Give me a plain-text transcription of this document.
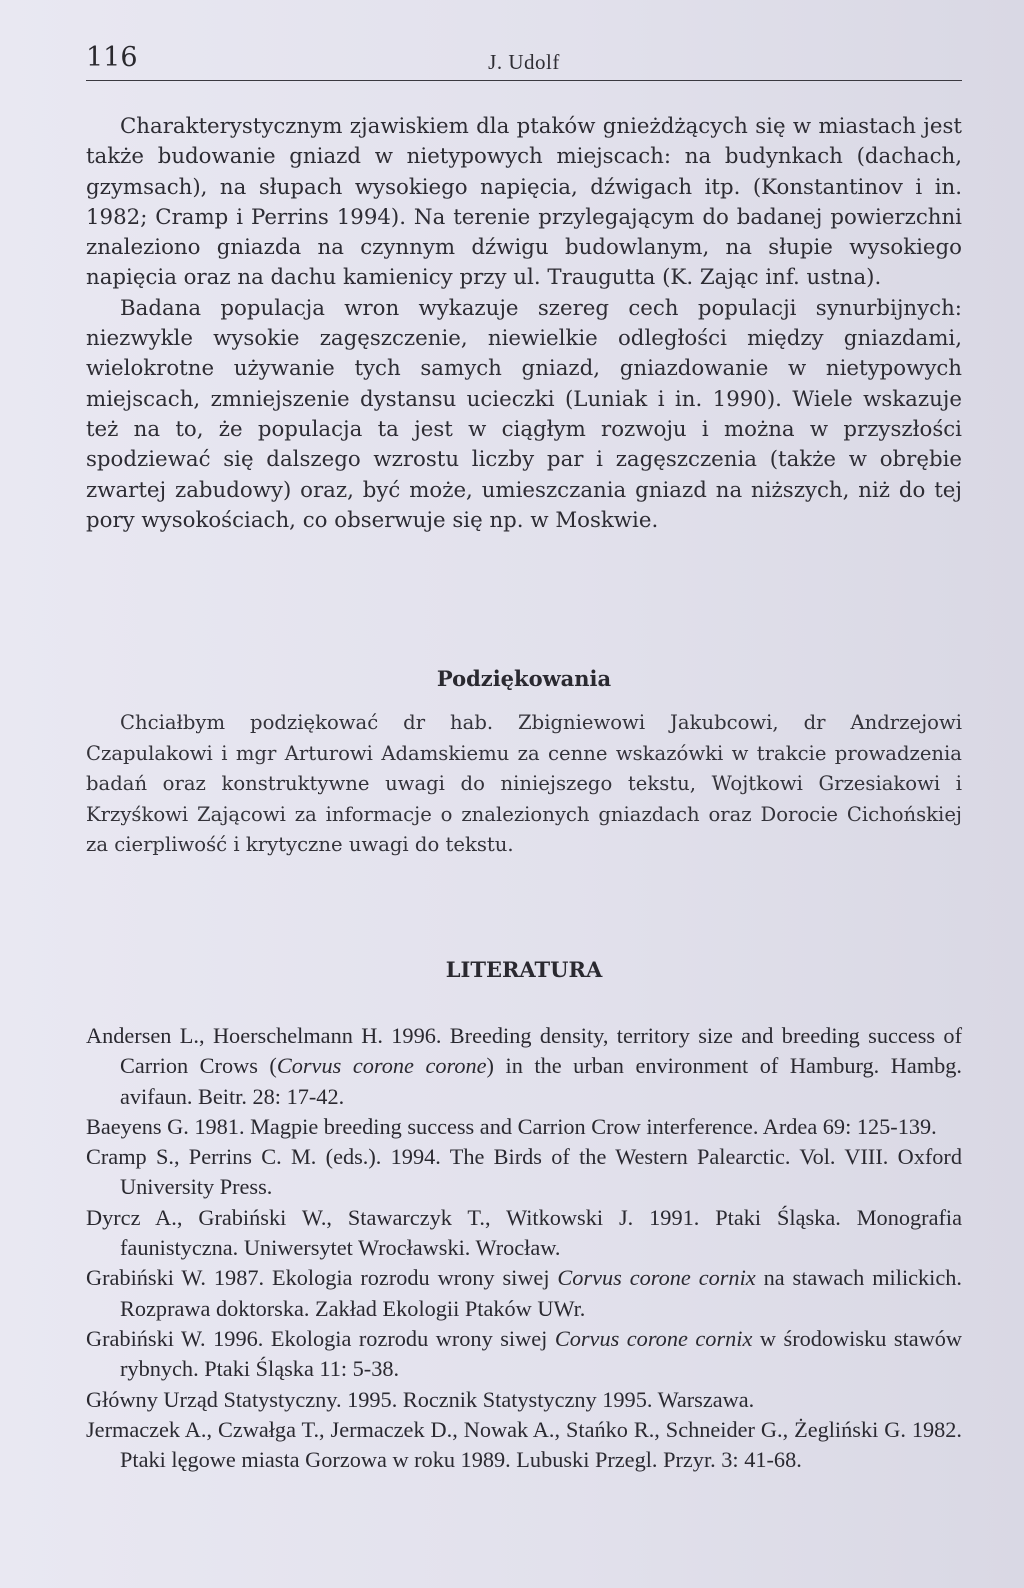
116	J. Udolf

Charakterystycznym zjawiskiem dla ptaków gnieżdżących się w miastach jest także budowanie gniazd w nietypowych miejscach: na budynkach (dachach, gzymsach), na słupach wysokiego napięcia, dźwigach itp. (Konstantinov i in. 1982; Cramp i Perrins 1994). Na terenie przylegającym do badanej powierzchni znaleziono gniazda na czynnym dźwigu budowlanym, na słupie wysokiego napięcia oraz na dachu kamienicy przy ul. Traugutta (K. Zając inf. ustna).

Badana populacja wron wykazuje szereg cech populacji synurbijnych: niezwykle wysokie zagęszczenie, niewielkie odległości między gniazdami, wielokrotne używanie tych samych gniazd, gniazdowanie w nietypowych miejscach, zmniejszenie dystansu ucieczki (Luniak i in. 1990). Wiele wskazuje też na to, że populacja ta jest w ciągłym rozwoju i można w przyszłości spodziewać się dalszego wzrostu liczby par i zagęszczenia (także w obrębie zwartej zabudowy) oraz, być może, umieszczania gniazd na niższych, niż do tej pory wysokościach, co obserwuje się np. w Moskwie.

Podziękowania

Chciałbym podziękować dr hab. Zbigniewowi Jakubcowi, dr Andrzejowi Czapulakowi i mgr Arturowi Adamskiemu za cenne wskazówki w trakcie prowadzenia badań oraz konstruktywne uwagi do niniejszego tekstu, Wojtkowi Grzesiakowi i Krzyśkowi Zającowi za informacje o znalezionych gniazdach oraz Dorocie Cichońskiej za cierpliwość i krytyczne uwagi do tekstu.

LITERATURA
Andersen L., Hoerschelmann H. 1996. Breeding density, territory size and breeding success of Carrion Crows (Corvus corone corone) in the urban environment of Hamburg. Hambg. avifaun. Beitr. 28: 17-42.
Baeyens G. 1981. Magpie breeding success and Carrion Crow interference. Ardea 69: 125-139.
Cramp S., Perrins C. M. (eds.). 1994. The Birds of the Western Palearctic. Vol. VIII. Oxford University Press.
Dyrcz A., Grabiński W., Stawarczyk T., Witkowski J. 1991. Ptaki Śląska. Monografia faunistyczna. Uniwersytet Wrocławski. Wrocław.
Grabiński W. 1987. Ekologia rozrodu wrony siwej Corvus corone cornix na stawach milickich. Rozprawa doktorska. Zakład Ekologii Ptaków UWr.
Grabiński W. 1996. Ekologia rozrodu wrony siwej Corvus corone cornix w środowisku stawów rybnych. Ptaki Śląska 11: 5-38.
Główny Urząd Statystyczny. 1995. Rocznik Statystyczny 1995. Warszawa.
Jermaczek A., Czwałga T., Jermaczek D., Nowak A., Stańko R., Schneider G., Żegliński G. 1982. Ptaki lęgowe miasta Gorzowa w roku 1989. Lubuski Przegl. Przyr. 3: 41-68.
